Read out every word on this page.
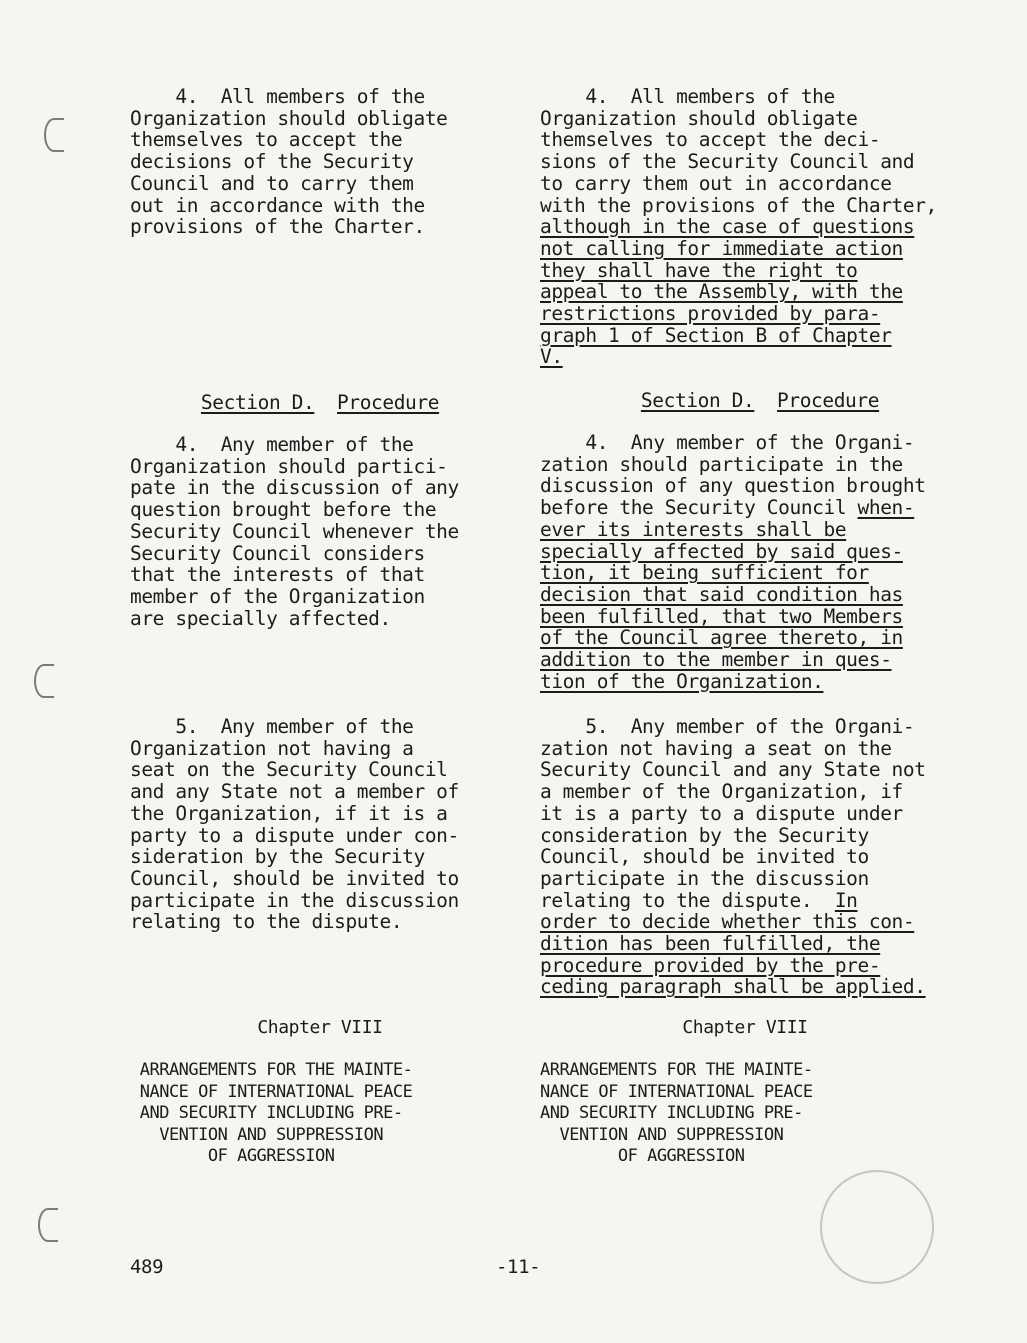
4.  All members of the
Organization should obligate
themselves to accept the
decisions of the Security
Council and to carry them
out in accordance with the
provisions of the Charter.
Section D. Procedure
4.  Any member of the
Organization should partici-
pate in the discussion of any
question brought before the
Security Council whenever the
Security Council considers
that the interests of that
member of the Organization
are specially affected.
5.  Any member of the
Organization not having a
seat on the Security Council
and any State not a member of
the Organization, if it is a
party to a dispute under con-
sideration by the Security
Council, should be invited to
participate in the discussion
relating to the dispute.
Chapter VIII
ARRANGEMENTS FOR THE MAINTE-
NANCE OF INTERNATIONAL PEACE
AND SECURITY INCLUDING PRE-
VENTION AND SUPPRESSION
OF AGGRESSION
4.  All members of the
Organization should obligate
themselves to accept the deci-
sions of the Security Council and
to carry them out in accordance
with the provisions of the Charter,
although in the case of questions
not calling for immediate action
they shall have the right to
appeal to the Assembly, with the
restrictions provided by para-
graph 1 of Section B of Chapter
V.
Section D. Procedure
4.  Any member of the Organi-
zation should participate in the
discussion of any question brought
before the Security Council when-
ever its interests shall be
specially affected by said ques-
tion, it being sufficient for
decision that said condition has
been fulfilled, that two Members
of the Council agree thereto, in
addition to the member in ques-
tion of the Organization.
5.  Any member of the Organi-
zation not having a seat on the
Security Council and any State not
a member of the Organization, if
it is a party to a dispute under
consideration by the Security
Council, should be invited to
participate in the discussion
relating to the dispute.  In
order to decide whether this con-
dition has been fulfilled, the
procedure provided by the pre-
ceding paragraph shall be applied.
Chapter VIII
ARRANGEMENTS FOR THE MAINTE-
NANCE OF INTERNATIONAL PEACE
AND SECURITY INCLUDING PRE-
VENTION AND SUPPRESSION
OF AGGRESSION
489	-11-
